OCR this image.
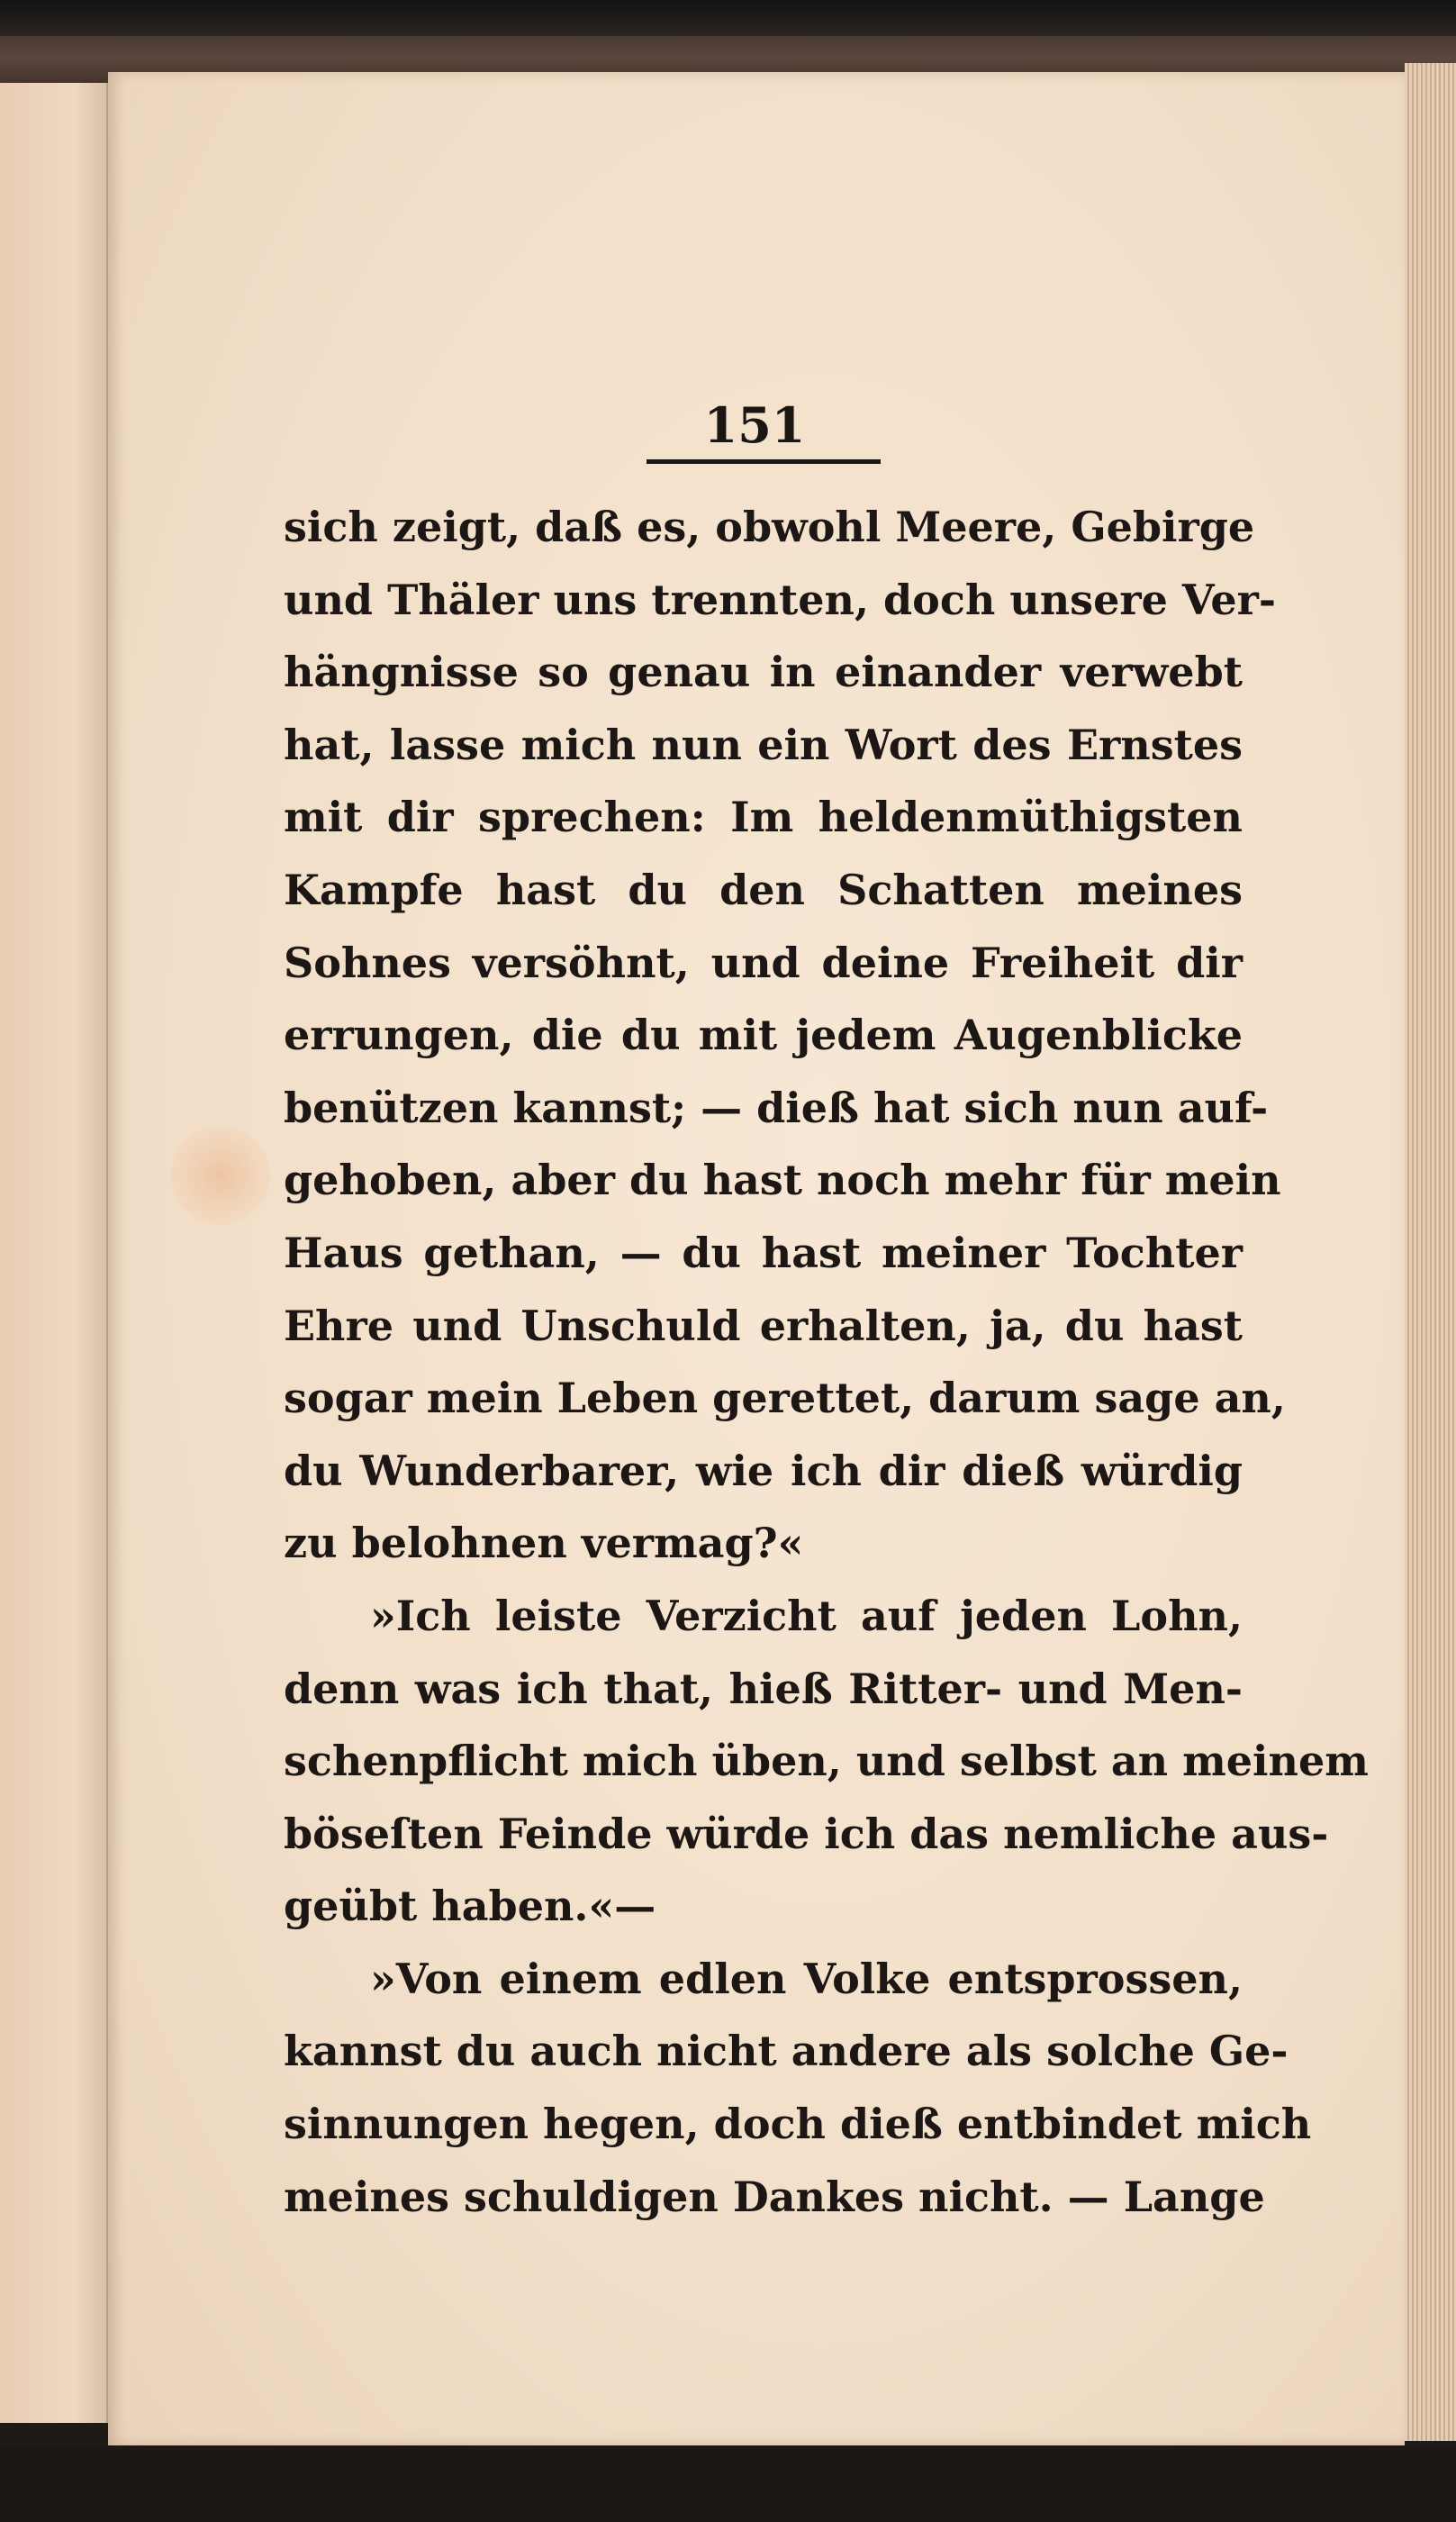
151
sich zeigt, daß es, obwohl Meere, Gebirge
und Thäler uns trennten, doch unsere Ver-
hängnisse so genau in einander verwebt
hat, lasse mich nun ein Wort des Ernstes
mit dir sprechen: Im heldenmüthigsten
Kampfe hast du den Schatten meines
Sohnes versöhnt, und deine Freiheit dir
errungen, die du mit jedem Augenblicke
benützen kannst; — dieß hat sich nun auf-
gehoben, aber du hast noch mehr für mein
Haus gethan, — du hast meiner Tochter
Ehre und Unschuld erhalten, ja, du hast
sogar mein Leben gerettet, darum sage an,
du Wunderbarer, wie ich dir dieß würdig
zu belohnen vermag?«
»Ich leiste Verzicht auf jeden Lohn,
denn was ich that, hieß Ritter- und Men-
schenpflicht mich üben, und selbst an meinem
böseſten Feinde würde ich das nemliche aus-
geübt haben.«—
»Von einem edlen Volke entsprossen,
kannst du auch nicht andere als solche Ge-
sinnungen hegen, doch dieß entbindet mich
meines schuldigen Dankes nicht. — Lange
